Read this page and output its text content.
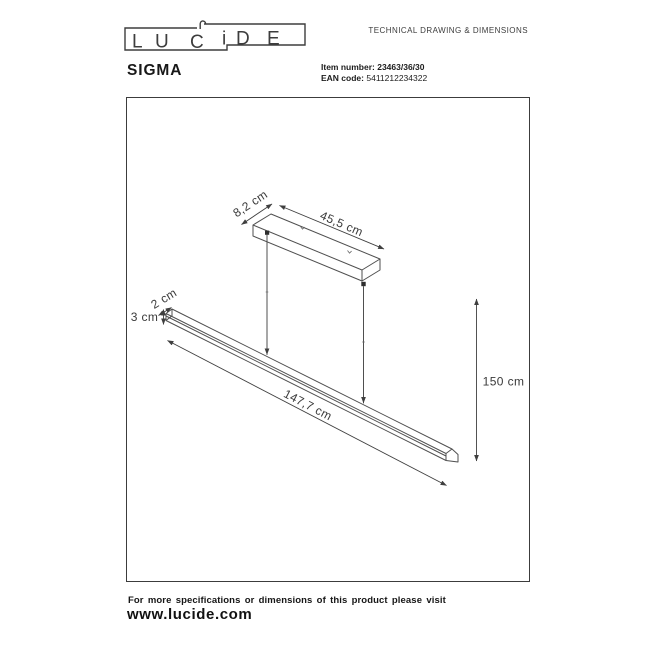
L U C i D E	TECHNICAL DRAWING & DIMENSIONS
SIGMA	Item number: 23463/36/30
EAN code: 5411212234322
8,2 cm
45,5 cm
2 cm
3 cm
147,7 cm
150 cm
For more specifications or dimensions of this product please visit
www.lucide.com
